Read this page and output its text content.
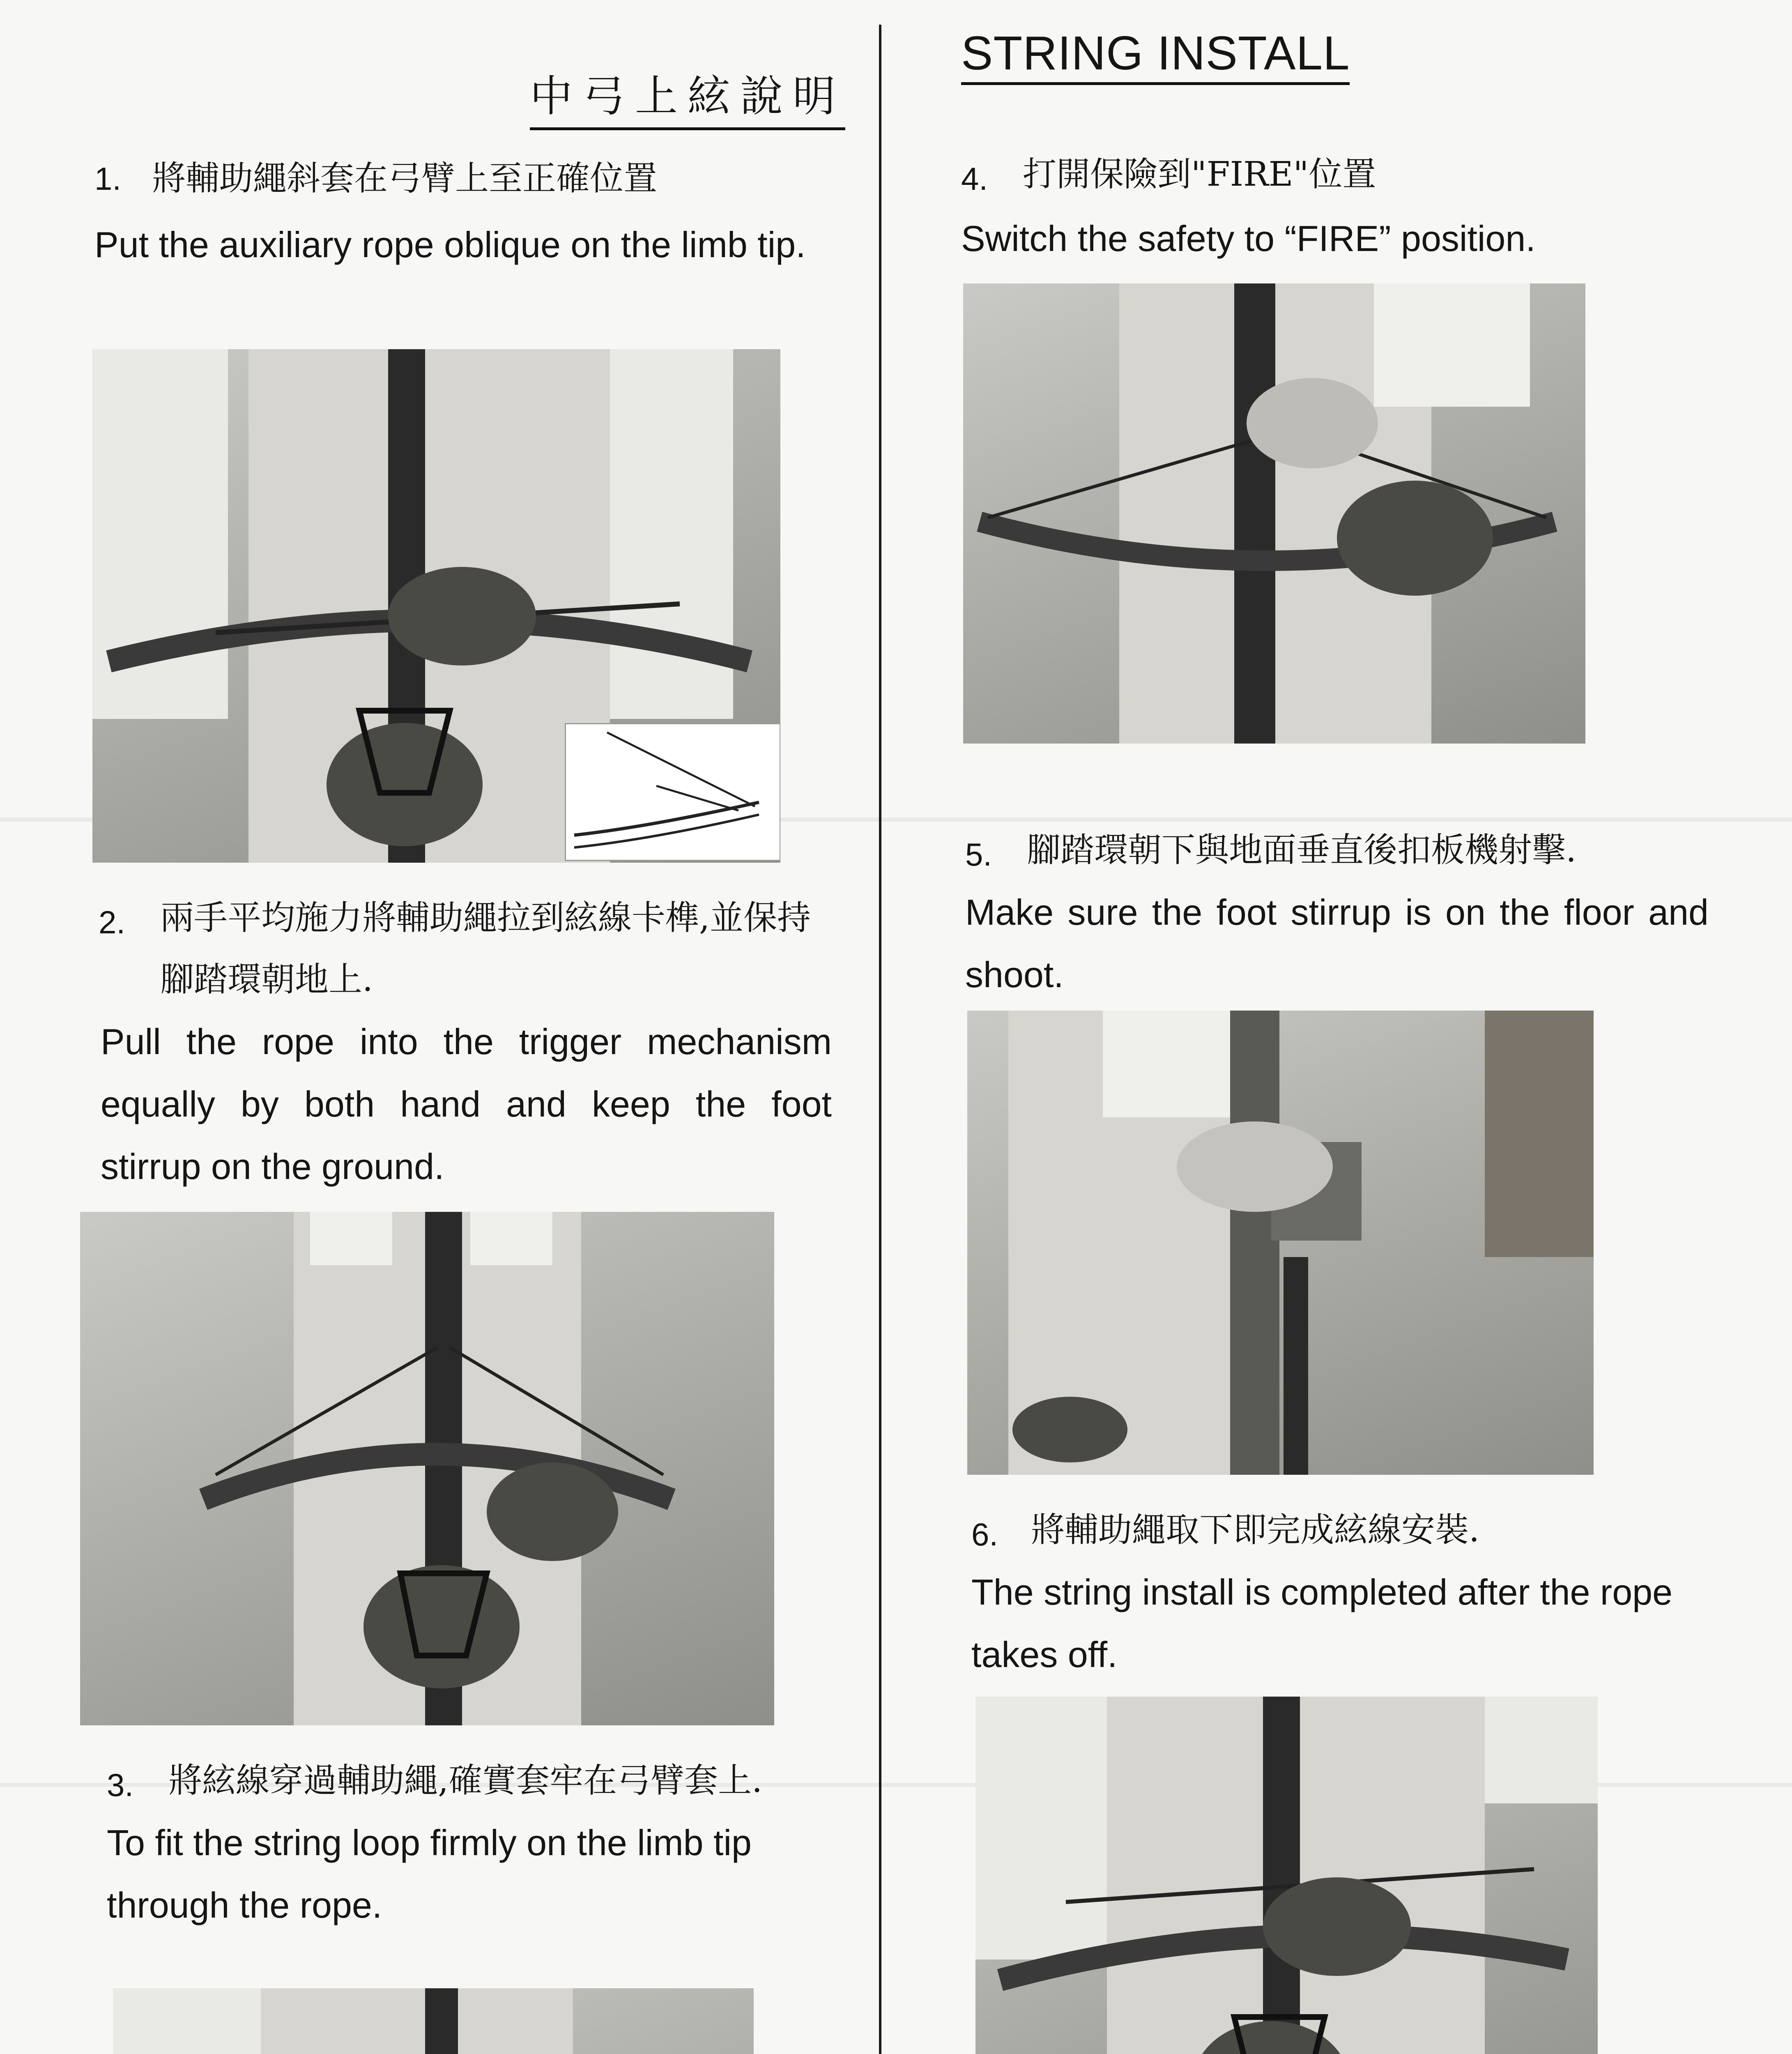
中弓上絃說明
STRING INSTALL
1. 將輔助繩斜套在弓臂上至正確位置
Put the auxiliary rope oblique on the limb tip.
2. 兩手平均施力將輔助繩拉到絃線卡榫,並保持腳踏環朝地上.
Pull the rope into the trigger mechanism equally by both hand and keep the foot stirrup on the ground.
3. 將絃線穿過輔助繩,確實套牢在弓臂套上.
To fit the string loop firmly on the limb tip through the rope.
4. 打開保險到"FIRE"位置
Switch the safety to “FIRE” position.
5. 腳踏環朝下與地面垂直後扣板機射擊.
Make sure the foot stirrup is on the floor and shoot.
6. 將輔助繩取下即完成絃線安裝.
The string install is completed after the rope takes off.
